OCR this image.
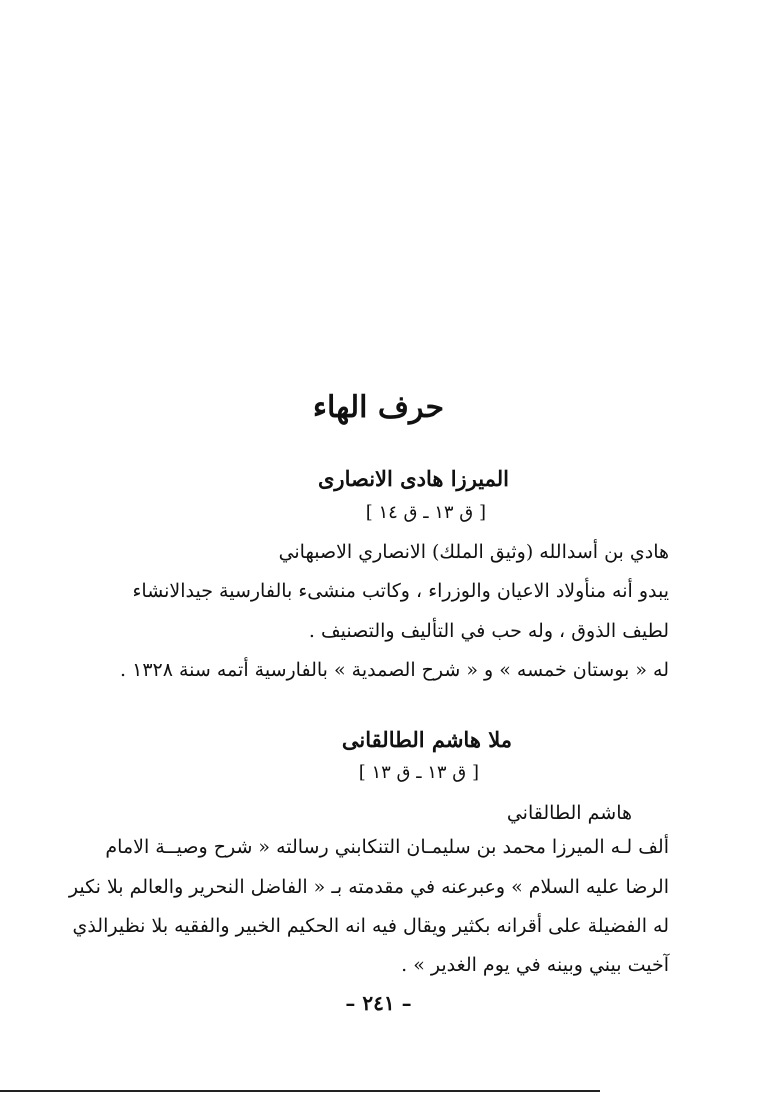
حرف الهاء
الميرزا هادى الانصارى
[ ق ١٣ ـ ق ١٤ ]
هادي بن أسدالله (وثيق الملك) الانصاري الاصبهاني
يبدو أنه منأولاد الاعيان والوزراء ، وكاتب منشىء بالفارسية جيدالانشاء
لطيف الذوق ، وله حب في التأليف والتصنيف .
له « بوستان خمسه » و « شرح الصمدية » بالفارسية أتمه سنة ١٣٢٨ .
ملا هاشم الطالقانى
[ ق ١٣ ـ ق ١٣ ]
هاشم الطالقاني
ألف لـه الميرزا محمد بن سليمـان التنكابني رسالته « شرح وصيــة الامام
الرضا عليه السلام » وعبرعنه في مقدمته بـ « الفاضل النحرير والعالم بلا نكير
له الفضيلة على أقرانه بكثير ويقال فيه انه الحكيم الخبير والفقيه بلا نظيرالذي
آخيت بيني وبينه في يوم الغدير » .
– ٢٤١ –
